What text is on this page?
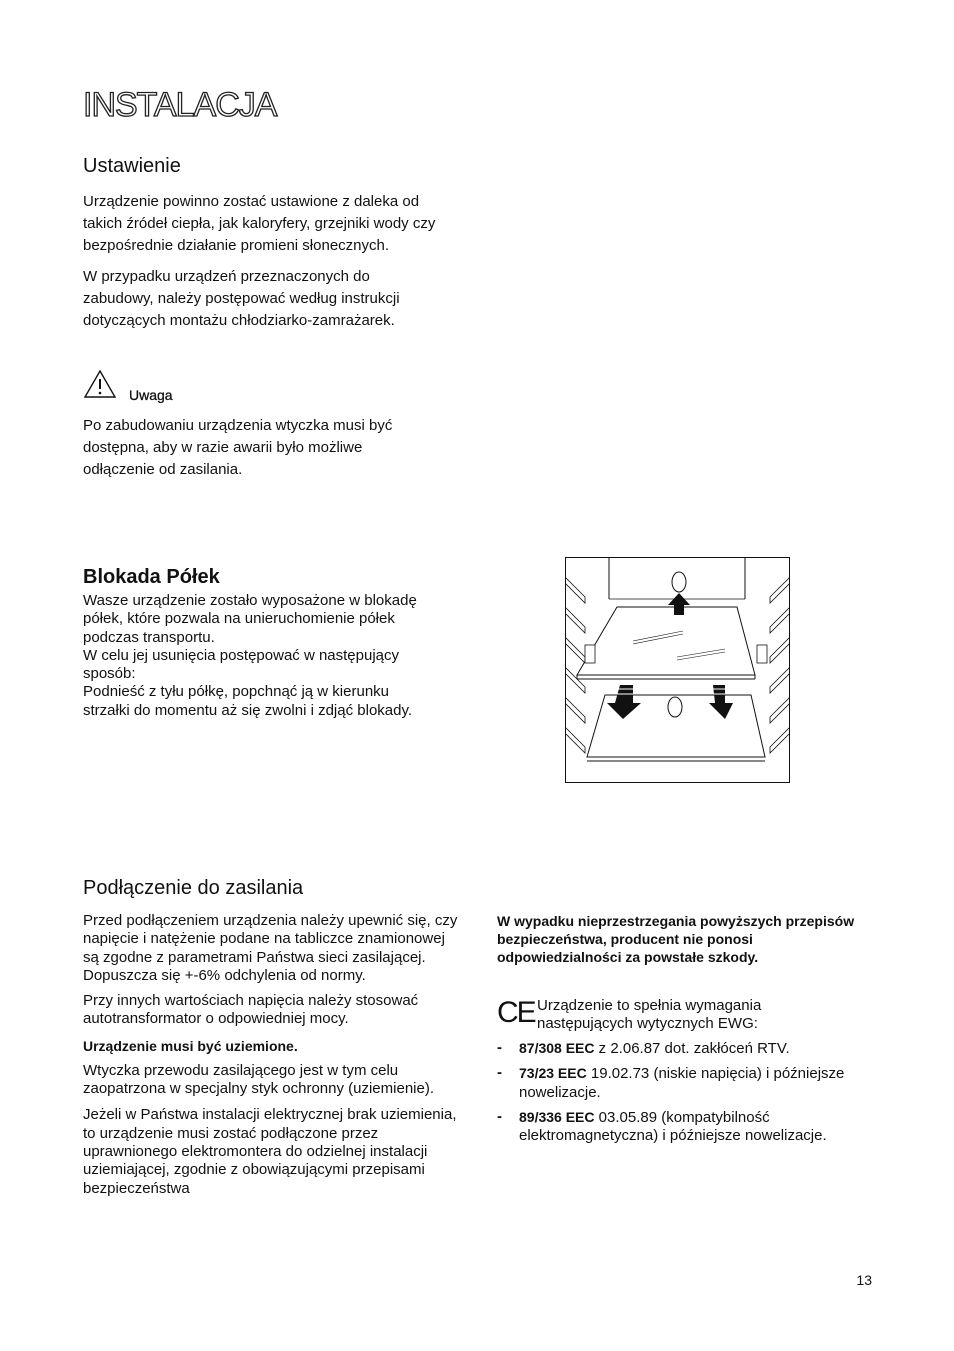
INSTALACJA
Ustawienie

Urządzenie powinno zostać ustawione z daleka od takich źródeł ciepła, jak kaloryfery, grzejniki wody czy bezpośrednie działanie promieni słonecznych.

W przypadku urządzeń przeznaczonych do zabudowy, należy postępować według instrukcji dotyczących montażu chłodziarko-zamrażarek.

Uwaga

Po zabudowaniu urządzenia wtyczka musi być dostępna, aby w razie awarii było możliwe odłączenie od zasilania.

Blokada Półek
Wasze urządzenie zostało wyposażone w blokadę
półek, które pozwala na unieruchomienie półek
podczas transportu.
W celu jej usunięcia postępować w następujący
sposób:
Podnieść z tyłu półkę, popchnąć ją w kierunku
strzałki do momentu aż się zwolni i zdjąć blokady.
Podłączenie do zasilania

Przed podłączeniem urządzenia należy upewnić się, czy napięcie i natężenie podane na tabliczce znamionowej są zgodne z parametrami Państwa sieci zasilającej. Dopuszcza się +-6% odchylenia od normy.

Przy innych wartościach napięcia należy stosować autotransformator o odpowiedniej mocy.

Urządzenie musi być uziemione.

Wtyczka przewodu zasilającego jest w tym celu zaopatrzona w specjalny styk ochronny (uziemienie).

Jeżeli w Państwa instalacji elektrycznej brak uziemienia, to urządzenie musi zostać podłączone przez uprawnionego elektromontera do odzielnej instalacji uziemiającej, zgodnie z obowiązującymi przepisami bezpieczeństwa

W wypadku nieprzestrzegania powyższych przepisów bezpieczeństwa, producent nie ponosi odpowiedzialności za powstałe szkody.

CE Urządzenie to spełnia wymagania następujących wytycznych EWG:

- 87/308 EEC z 2.06.87 dot. zakłóceń RTV.
- 73/23 EEC 19.02.73 (niskie napięcia) i późniejsze nowelizacje.
- 89/336 EEC 03.05.89 (kompatybilność elektromagnetyczna) i późniejsze nowelizacje.
13
